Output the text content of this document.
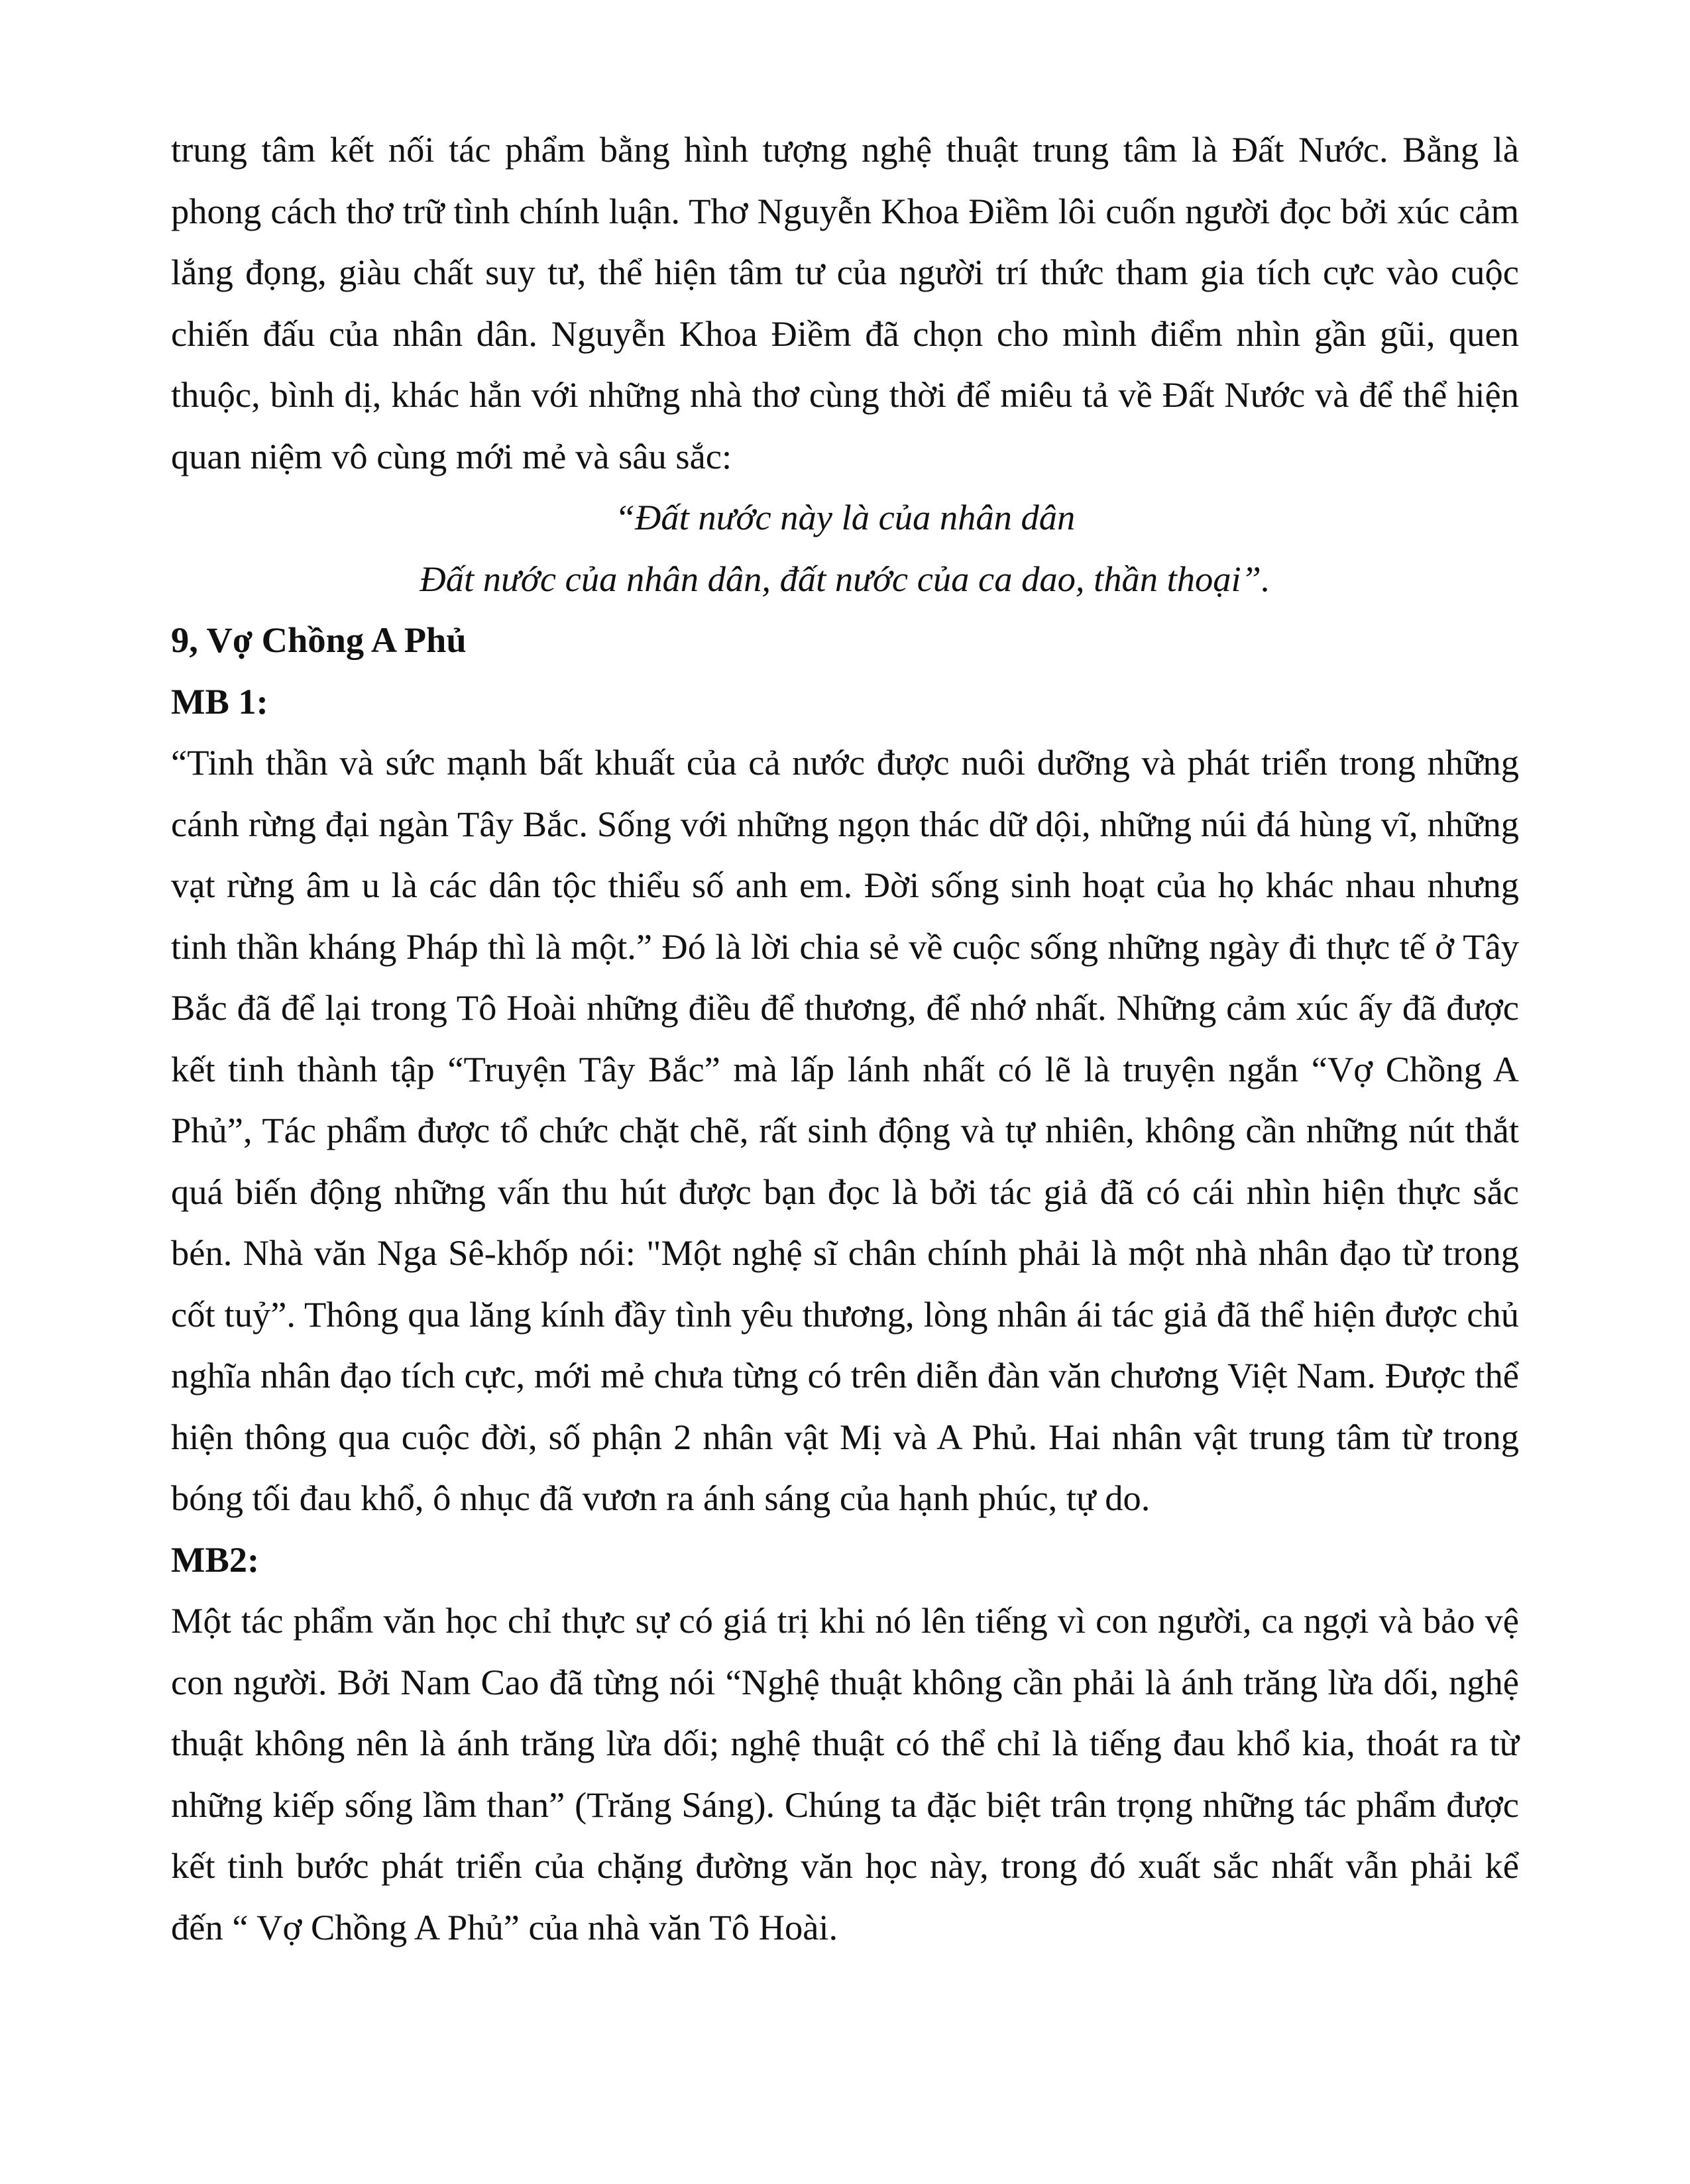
trung tâm kết nối tác phẩm bằng hình tượng nghệ thuật trung tâm là Đất Nước. Bằng là phong cách thơ trữ tình chính luận. Thơ Nguyễn Khoa Điềm lôi cuốn người đọc bởi xúc cảm lắng đọng, giàu chất suy tư, thể hiện tâm tư của người trí thức tham gia tích cực vào cuộc chiến đấu của nhân dân. Nguyễn Khoa Điềm đã chọn cho mình điểm nhìn gần gũi, quen thuộc, bình dị, khác hẳn với những nhà thơ cùng thời để miêu tả về Đất Nước và để thể hiện quan niệm vô cùng mới mẻ và sâu sắc:

“Đất nước này là của nhân dân
Đất nước của nhân dân, đất nước của ca dao, thần thoại”.

9, Vợ Chồng A Phủ

MB 1:

“Tinh thần và sức mạnh bất khuất của cả nước được nuôi dưỡng và phát triển trong những cánh rừng đại ngàn Tây Bắc. Sống với những ngọn thác dữ dội, những núi đá hùng vĩ, những vạt rừng âm u là các dân tộc thiểu số anh em. Đời sống sinh hoạt của họ khác nhau nhưng tinh thần kháng Pháp thì là một.” Đó là lời chia sẻ về cuộc sống những ngày đi thực tế ở Tây Bắc đã để lại trong Tô Hoài những điều để thương, để nhớ nhất. Những cảm xúc ấy đã được kết tinh thành tập “Truyện Tây Bắc” mà lấp lánh nhất có lẽ là truyện ngắn “Vợ Chồng A Phủ”, Tác phẩm được tổ chức chặt chẽ, rất sinh động và tự nhiên, không cần những nút thắt quá biến động những vấn thu hút được bạn đọc là bởi tác giả đã có cái nhìn hiện thực sắc bén. Nhà văn Nga Sê-khốp nói: "Một nghệ sĩ chân chính phải là một nhà nhân đạo từ trong cốt tuỷ”. Thông qua lăng kính đầy tình yêu thương, lòng nhân ái tác giả đã thể hiện được chủ nghĩa nhân đạo tích cực, mới mẻ chưa từng có trên diễn đàn văn chương Việt Nam. Được thể hiện thông qua cuộc đời, số phận 2 nhân vật Mị và A Phủ. Hai nhân vật trung tâm từ trong bóng tối đau khổ, ô nhục đã vươn ra ánh sáng của hạnh phúc, tự do.

MB2:

Một tác phẩm văn học chỉ thực sự có giá trị khi nó lên tiếng vì con người, ca ngợi và bảo vệ con người. Bởi Nam Cao đã từng nói “Nghệ thuật không cần phải là ánh trăng lừa dối, nghệ thuật không nên là ánh trăng lừa dối; nghệ thuật có thể chỉ là tiếng đau khổ kia, thoát ra từ những kiếp sống lầm than” (Trăng Sáng). Chúng ta đặc biệt trân trọng những tác phẩm được kết tinh bước phát triển của chặng đường văn học này, trong đó xuất sắc nhất vẫn phải kể đến “ Vợ Chồng A Phủ” của nhà văn Tô Hoài.
